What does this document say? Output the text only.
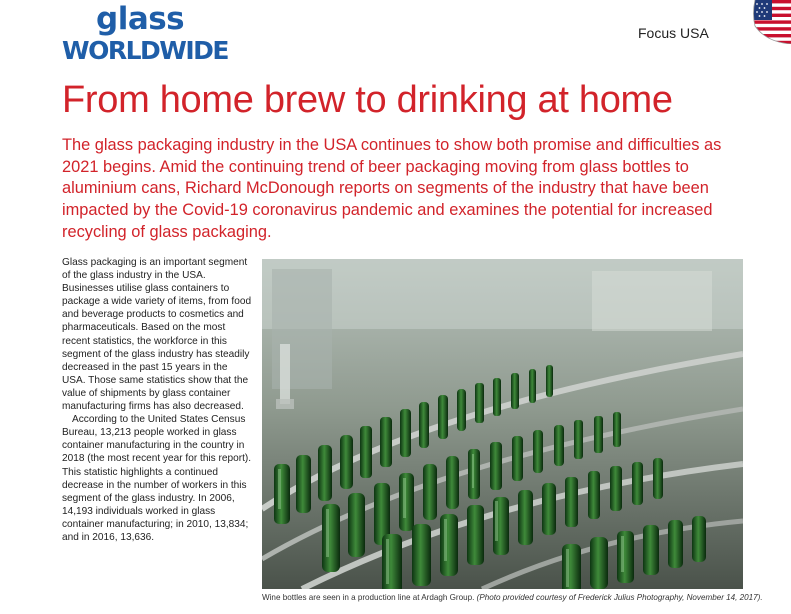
glass
WORLDWIDE
Focus USA
From home brew to drinking at home

The glass packaging industry in the USA continues to show both promise and difficulties as 2021 begins. Amid the continuing trend of beer packaging moving from glass bottles to aluminium cans, Richard McDonough reports on segments of the industry that have been impacted by the Covid-19 coronavirus pandemic and examines the potential for increased recycling of glass packaging.

Glass packaging is an important segment of the glass industry in the USA. Businesses utilise glass containers to package a wide variety of items, from food and beverage products to cosmetics and pharmaceuticals. Based on the most recent statistics, the workforce in this segment of the glass industry has steadily decreased in the past 15 years in the USA. Those same statistics show that the value of shipments by glass container manufacturing firms has also decreased.

According to the United States Census Bureau, 13,213 people worked in glass container manufacturing in the country in 2018 (the most recent year for this report). This statistic highlights a continued decrease in the number of workers in this segment of the glass industry. In 2006, 14,193 individuals worked in glass container manufacturing; in 2010, 13,834; and in 2016, 13,636.

Wine bottles are seen in a production line at Ardagh Group. (Photo provided courtesy of Frederick Julius Photography, November 14, 2017).
